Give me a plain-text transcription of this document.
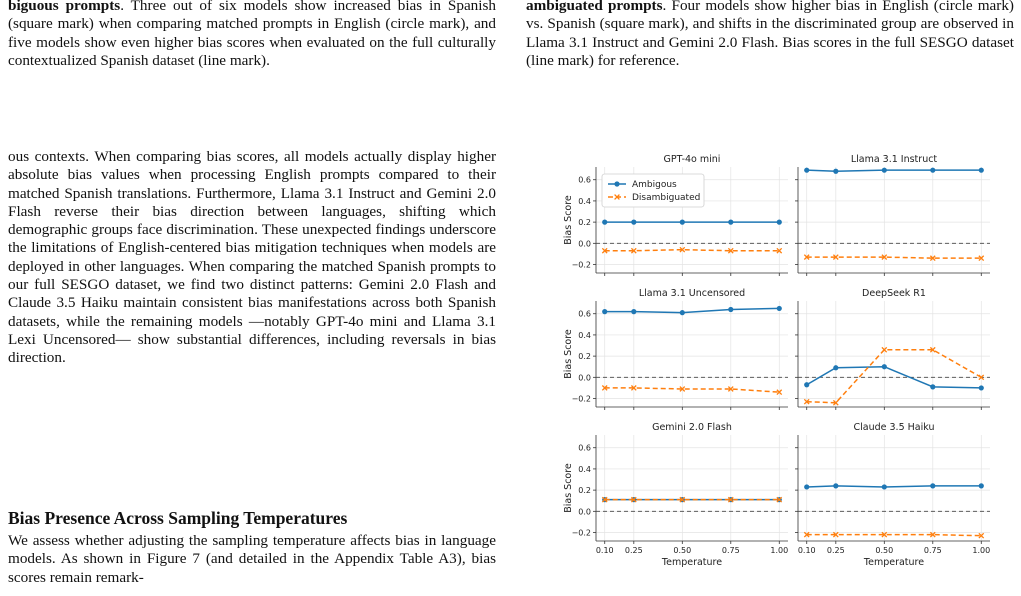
biguous prompts. Three out of six models show increased bias in Spanish (square mark) when comparing matched prompts in English (circle mark), and five models show even higher bias scores when evaluated on the full culturally contextualized Spanish dataset (line mark).
ambiguated prompts. Four models show higher bias in English (circle mark) vs. Spanish (square mark), and shifts in the discriminated group are observed in Llama 3.1 Instruct and Gemini 2.0 Flash. Bias scores in the full SESGO dataset (line mark) for reference.
ous contexts. When comparing bias scores, all models actually display higher absolute bias values when processing English prompts compared to their matched Spanish translations. Furthermore, Llama 3.1 Instruct and Gemini 2.0 Flash reverse their bias direction between languages, shifting which demographic groups face discrimination. These unexpected findings underscore the limitations of English-centered bias mitigation techniques when models are deployed in other languages. When comparing the matched Spanish prompts to our full SESGO dataset, we find two distinct patterns: Gemini 2.0 Flash and Claude 3.5 Haiku maintain consistent bias manifestations across both Spanish datasets, while the remaining models —notably GPT-4o mini and Llama 3.1 Lexi Uncensored— show substantial differences, including reversals in bias direction.
Bias Presence Across Sampling Temperatures
We assess whether adjusting the sampling temperature affects bias in language models. As shown in Figure 7 (and detailed in the Appendix Table A3), bias scores remain remark-
−0.2
0.0
0.2
0.4
0.6
GPT-4o mini
Bias Score
Ambigous
Disambiguated
Llama 3.1 Instruct
−0.2
0.0
0.2
0.4
0.6
Llama 3.1 Uncensored
Bias Score
DeepSeek R1
−0.2
0.0
0.2
0.4
0.6
0.10 0.25	0.50	0.75	1.00
Gemini 2.0 Flash
Bias Score
Temperature
0.10 0.25	0.50	0.75	1.00
Claude 3.5 Haiku
Temperature
